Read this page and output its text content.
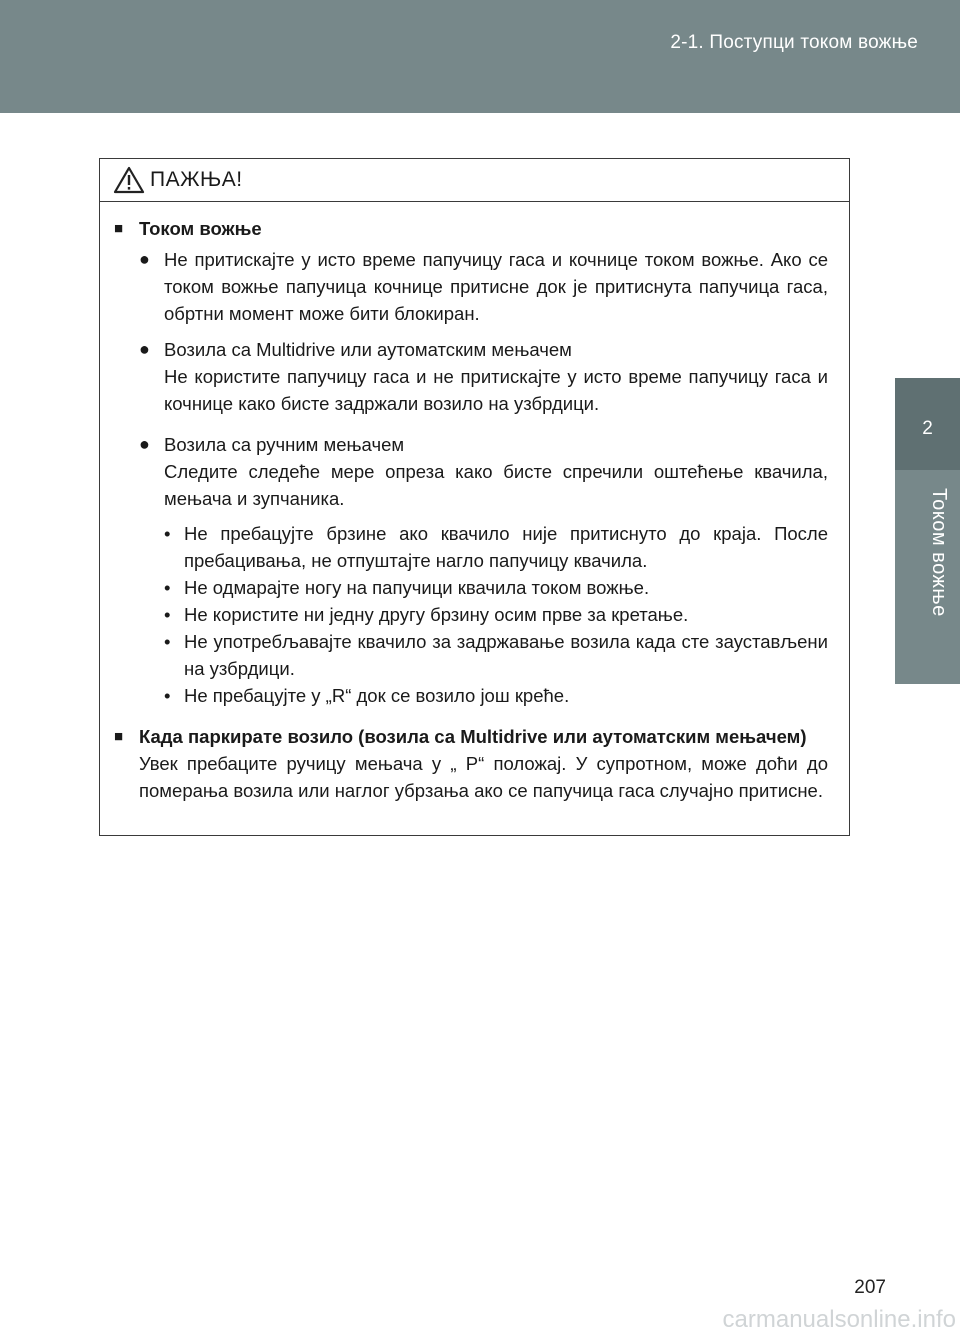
2-1. Поступци током вожње
2
Током вожње
ПАЖЊА!
■ Током вожње
● Не притискајте у исто време папучицу гаса и кочнице током вожње. Ако се током вожње папучица кочнице притисне док је притиснута папучица гаса, обртни момент може бити блокиран.
● Возила са Multidrive или аутоматским мењачем
Не користите папучицу гаса и не притискајте у исто време папучицу гаса и кочнице како бисте задржали возило на узбрдици.
● Возила са ручним мењачем
Следите следеће мере опреза како бисте спречили оштећење квачила, мењача и зупчаника.
• Не пребацујте брзине ако квачило није притиснуто до краја. После пребацивања, не отпуштајте нагло папучицу квачила.
• Не одмарајте ногу на папучици квачила током вожње.
• Не користите ни једну другу брзину осим прве за кретање.
• Не употребљавајте квачило за задржавање возила када сте заустављени на узбрдици.
• Не пребацујте у „R“ док се возило још креће.
■ Када паркирате возило (возила са Multidrive или аутоматским мењачем)
Увек пребаците ручицу мењача у „ P“ положај. У супротном, може доћи до померања возила или наглог убрзања ако се папучица гаса случајно притисне.
207
carmanualsonline.info
